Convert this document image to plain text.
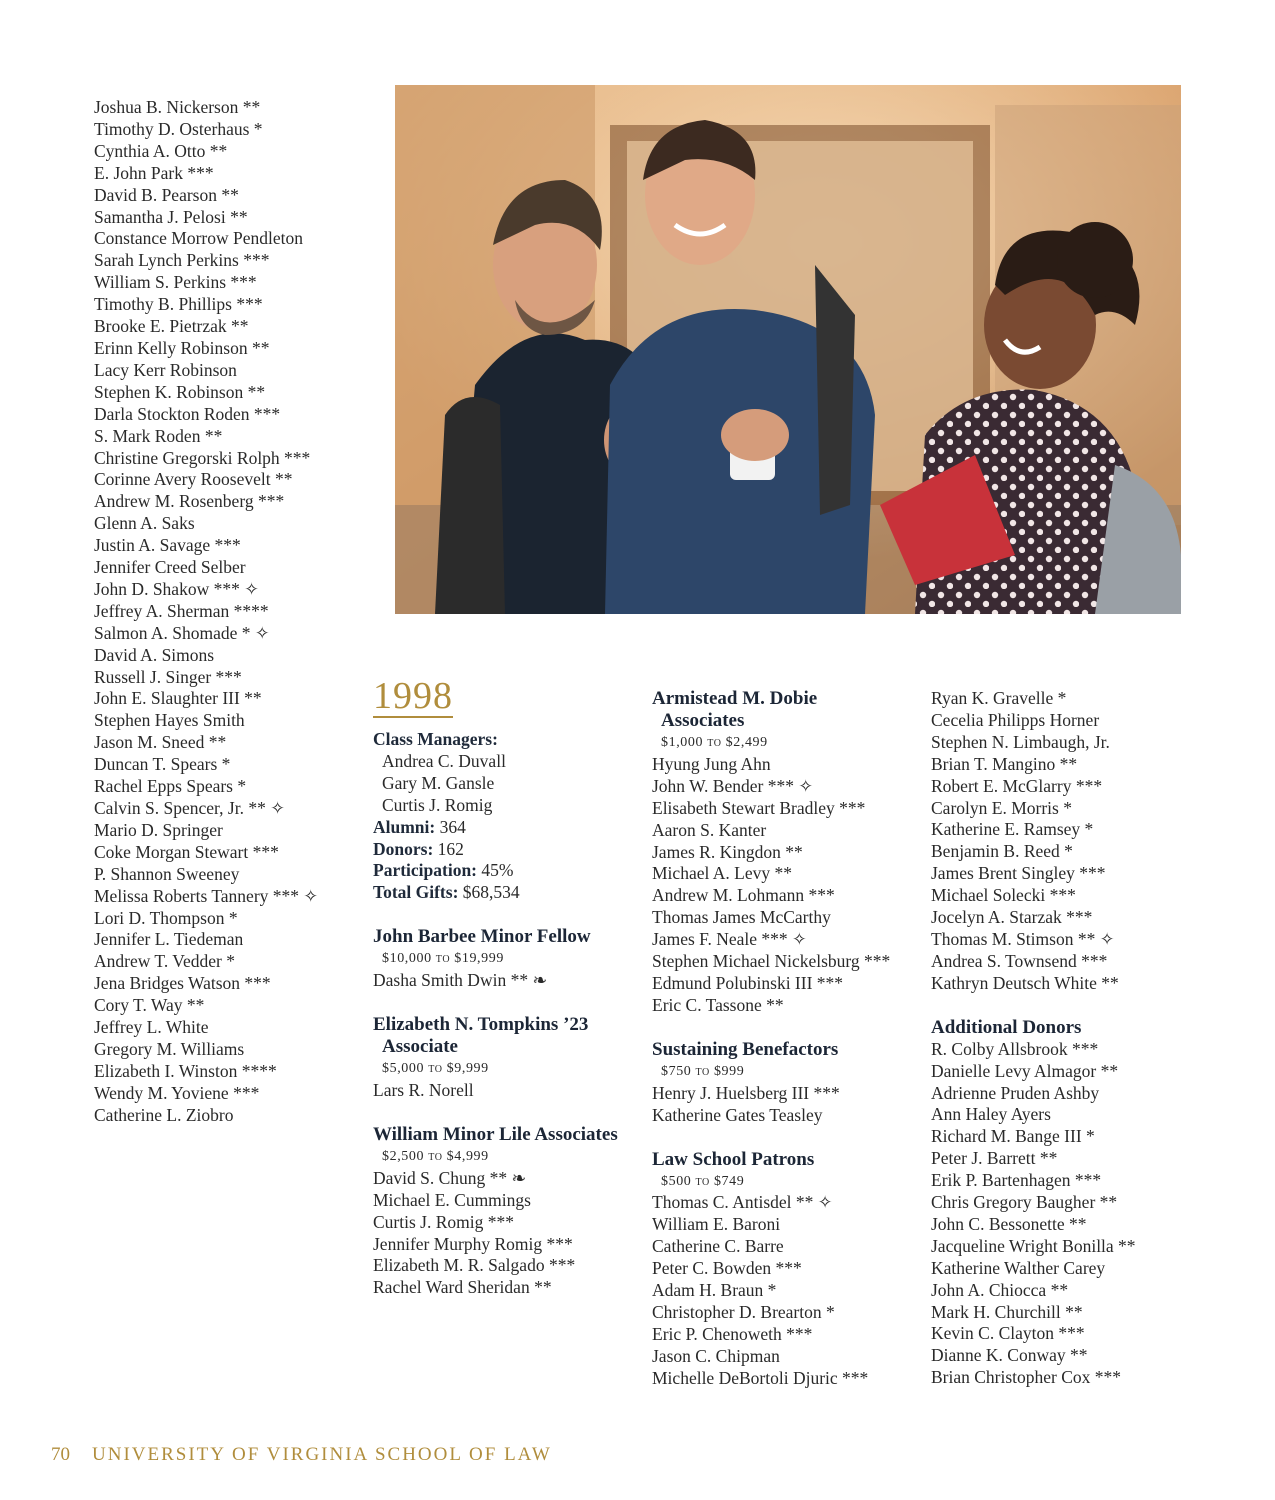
Joshua B. Nickerson **
Timothy D. Osterhaus *
Cynthia A. Otto **
E. John Park ***
David B. Pearson **
Samantha J. Pelosi **
Constance Morrow Pendleton
Sarah Lynch Perkins ***
William S. Perkins ***
Timothy B. Phillips ***
Brooke E. Pietrzak **
Erinn Kelly Robinson **
Lacy Kerr Robinson
Stephen K. Robinson **
Darla Stockton Roden ***
S. Mark Roden **
Christine Gregorski Rolph ***
Corinne Avery Roosevelt **
Andrew M. Rosenberg ***
Glenn A. Saks
Justin A. Savage ***
Jennifer Creed Selber
John D. Shakow *** ✧
Jeffrey A. Sherman ****
Salmon A. Shomade * ✧
David A. Simons
Russell J. Singer ***
John E. Slaughter III **
Stephen Hayes Smith
Jason M. Sneed **
Duncan T. Spears *
Rachel Epps Spears *
Calvin S. Spencer, Jr. ** ✧
Mario D. Springer
Coke Morgan Stewart ***
P. Shannon Sweeney
Melissa Roberts Tannery *** ✧
Lori D. Thompson *
Jennifer L. Tiedeman
Andrew T. Vedder *
Jena Bridges Watson ***
Cory T. Way **
Jeffrey L. White
Gregory M. Williams
Elizabeth I. Winston ****
Wendy M. Yoviene ***
Catherine L. Ziobro
1998
Class Managers:
Andrea C. Duvall
Gary M. Gansle
Curtis J. Romig
Alumni: 364
Donors: 162
Participation: 45%
Total Gifts: $68,534
John Barbee Minor Fellow
$10,000 to $19,999
Dasha Smith Dwin ** ❧
Elizabeth N. Tompkins ’23
Associate
$5,000 to $9,999
Lars R. Norell
William Minor Lile Associates
$2,500 to $4,999
David S. Chung ** ❧
Michael E. Cummings
Curtis J. Romig ***
Jennifer Murphy Romig ***
Elizabeth M. R. Salgado ***
Rachel Ward Sheridan **
Armistead M. Dobie
Associates
$1,000 to $2,499
Hyung Jung Ahn
John W. Bender *** ✧
Elisabeth Stewart Bradley ***
Aaron S. Kanter
James R. Kingdon **
Michael A. Levy **
Andrew M. Lohmann ***
Thomas James McCarthy
James F. Neale *** ✧
Stephen Michael Nickelsburg ***
Edmund Polubinski III ***
Eric C. Tassone **
Sustaining Benefactors
$750 to $999
Henry J. Huelsberg III ***
Katherine Gates Teasley
Law School Patrons
$500 to $749
Thomas C. Antisdel ** ✧
William E. Baroni
Catherine C. Barre
Peter C. Bowden ***
Adam H. Braun *
Christopher D. Brearton *
Eric P. Chenoweth ***
Jason C. Chipman
Michelle DeBortoli Djuric ***
Ryan K. Gravelle *
Cecelia Philipps Horner
Stephen N. Limbaugh, Jr.
Brian T. Mangino **
Robert E. McGlarry ***
Carolyn E. Morris *
Katherine E. Ramsey *
Benjamin B. Reed *
James Brent Singley ***
Michael Solecki ***
Jocelyn A. Starzak ***
Thomas M. Stimson ** ✧
Andrea S. Townsend ***
Kathryn Deutsch White **
Additional Donors
R. Colby Allsbrook ***
Danielle Levy Almagor **
Adrienne Pruden Ashby
Ann Haley Ayers
Richard M. Bange III *
Peter J. Barrett **
Erik P. Bartenhagen ***
Chris Gregory Baugher **
John C. Bessonette **
Jacqueline Wright Bonilla **
Katherine Walther Carey
John A. Chiocca **
Mark H. Churchill **
Kevin C. Clayton ***
Dianne K. Conway **
Brian Christopher Cox ***
70 UNIVERSITY OF VIRGINIA SCHOOL OF LAW
